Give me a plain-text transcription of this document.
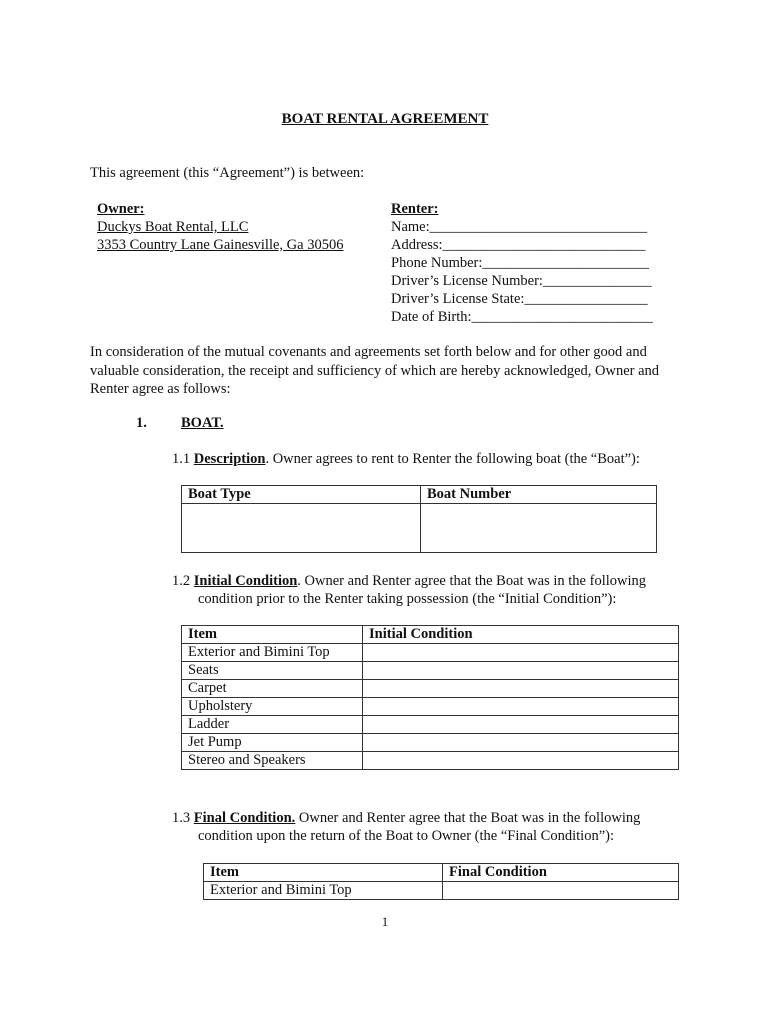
BOAT RENTAL AGREEMENT
This agreement (this “Agreement”) is between:
Owner:
Duckys Boat Rental, LLC
3353 Country Lane Gainesville, Ga 30506
Renter:
Name:______________________________
Address:____________________________
Phone Number:_______________________
Driver’s License Number:_______________
Driver’s License State:_________________
Date of Birth:_________________________
In consideration of the mutual covenants and agreements set forth below and for other good and valuable consideration, the receipt and sufficiency of which are hereby acknowledged, Owner and Renter agree as follows:
1. BOAT.
1.1 Description. Owner agrees to rent to Renter the following boat (the “Boat”):
Boat Type	Boat Number

1.2 Initial Condition. Owner and Renter agree that the Boat was in the following
condition prior to the Renter taking possession (the “Initial Condition”):
Item	Initial Condition
Exterior and Bimini Top	
Seats	
Carpet	
Upholstery	
Ladder	
Jet Pump	
Stereo and Speakers	
1.3 Final Condition. Owner and Renter agree that the Boat was in the following
condition upon the return of the Boat to Owner (the “Final Condition”):
Item	Final Condition
Exterior and Bimini Top	
1
